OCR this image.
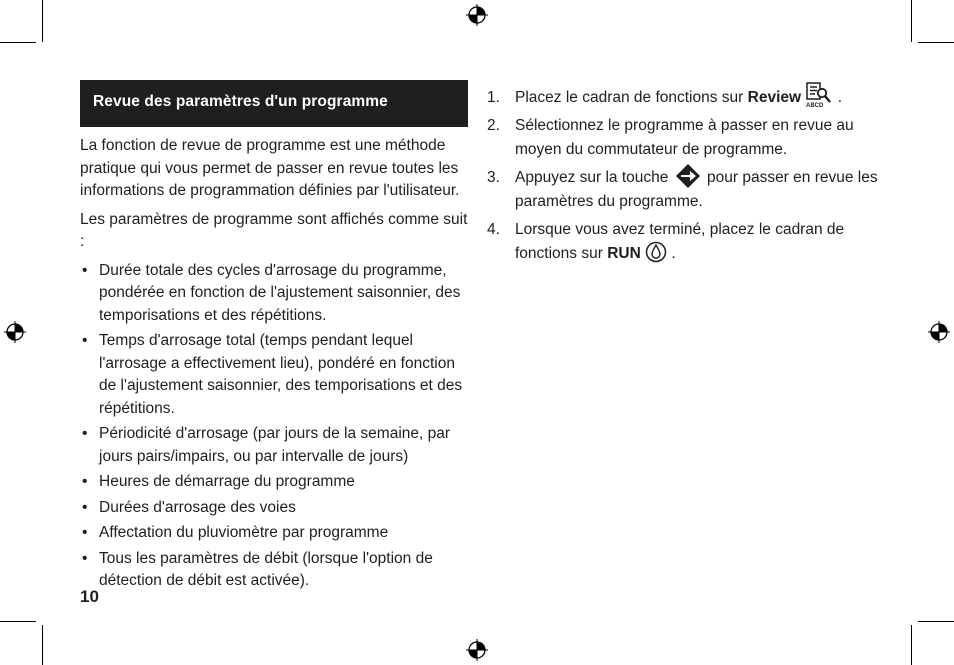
Revue des paramètres d'un programme

La fonction de revue de programme est une méthode pratique qui vous permet de passer en revue toutes les informations de programmation définies par l'utilisateur.

Les paramètres de programme sont affichés comme suit :

• Durée totale des cycles d'arrosage du programme, pondérée en fonction de l'ajustement saisonnier, des temporisations et des répétitions.
• Temps d'arrosage total (temps pendant lequel l'arrosage a effectivement lieu), pondéré en fonction de l'ajustement saisonnier, des temporisations et des répétitions.
• Périodicité d'arrosage (par jours de la semaine, par jours pairs/impairs, ou par intervalle de jours)
• Heures de démarrage du programme
• Durées d'arrosage des voies
• Affectation du pluviomètre par programme
• Tous les paramètres de débit (lorsque l'option de détection de débit est activée).
1. Placez le cadran de fonctions sur Review ABCD .
2. Sélectionnez le programme à passer en revue au moyen du commutateur de programme.
3. Appuyez sur la touche  pour passer en revue les paramètres du programme.
4. Lorsque vous avez terminé, placez le cadran de fonctions sur RUN  .
10
